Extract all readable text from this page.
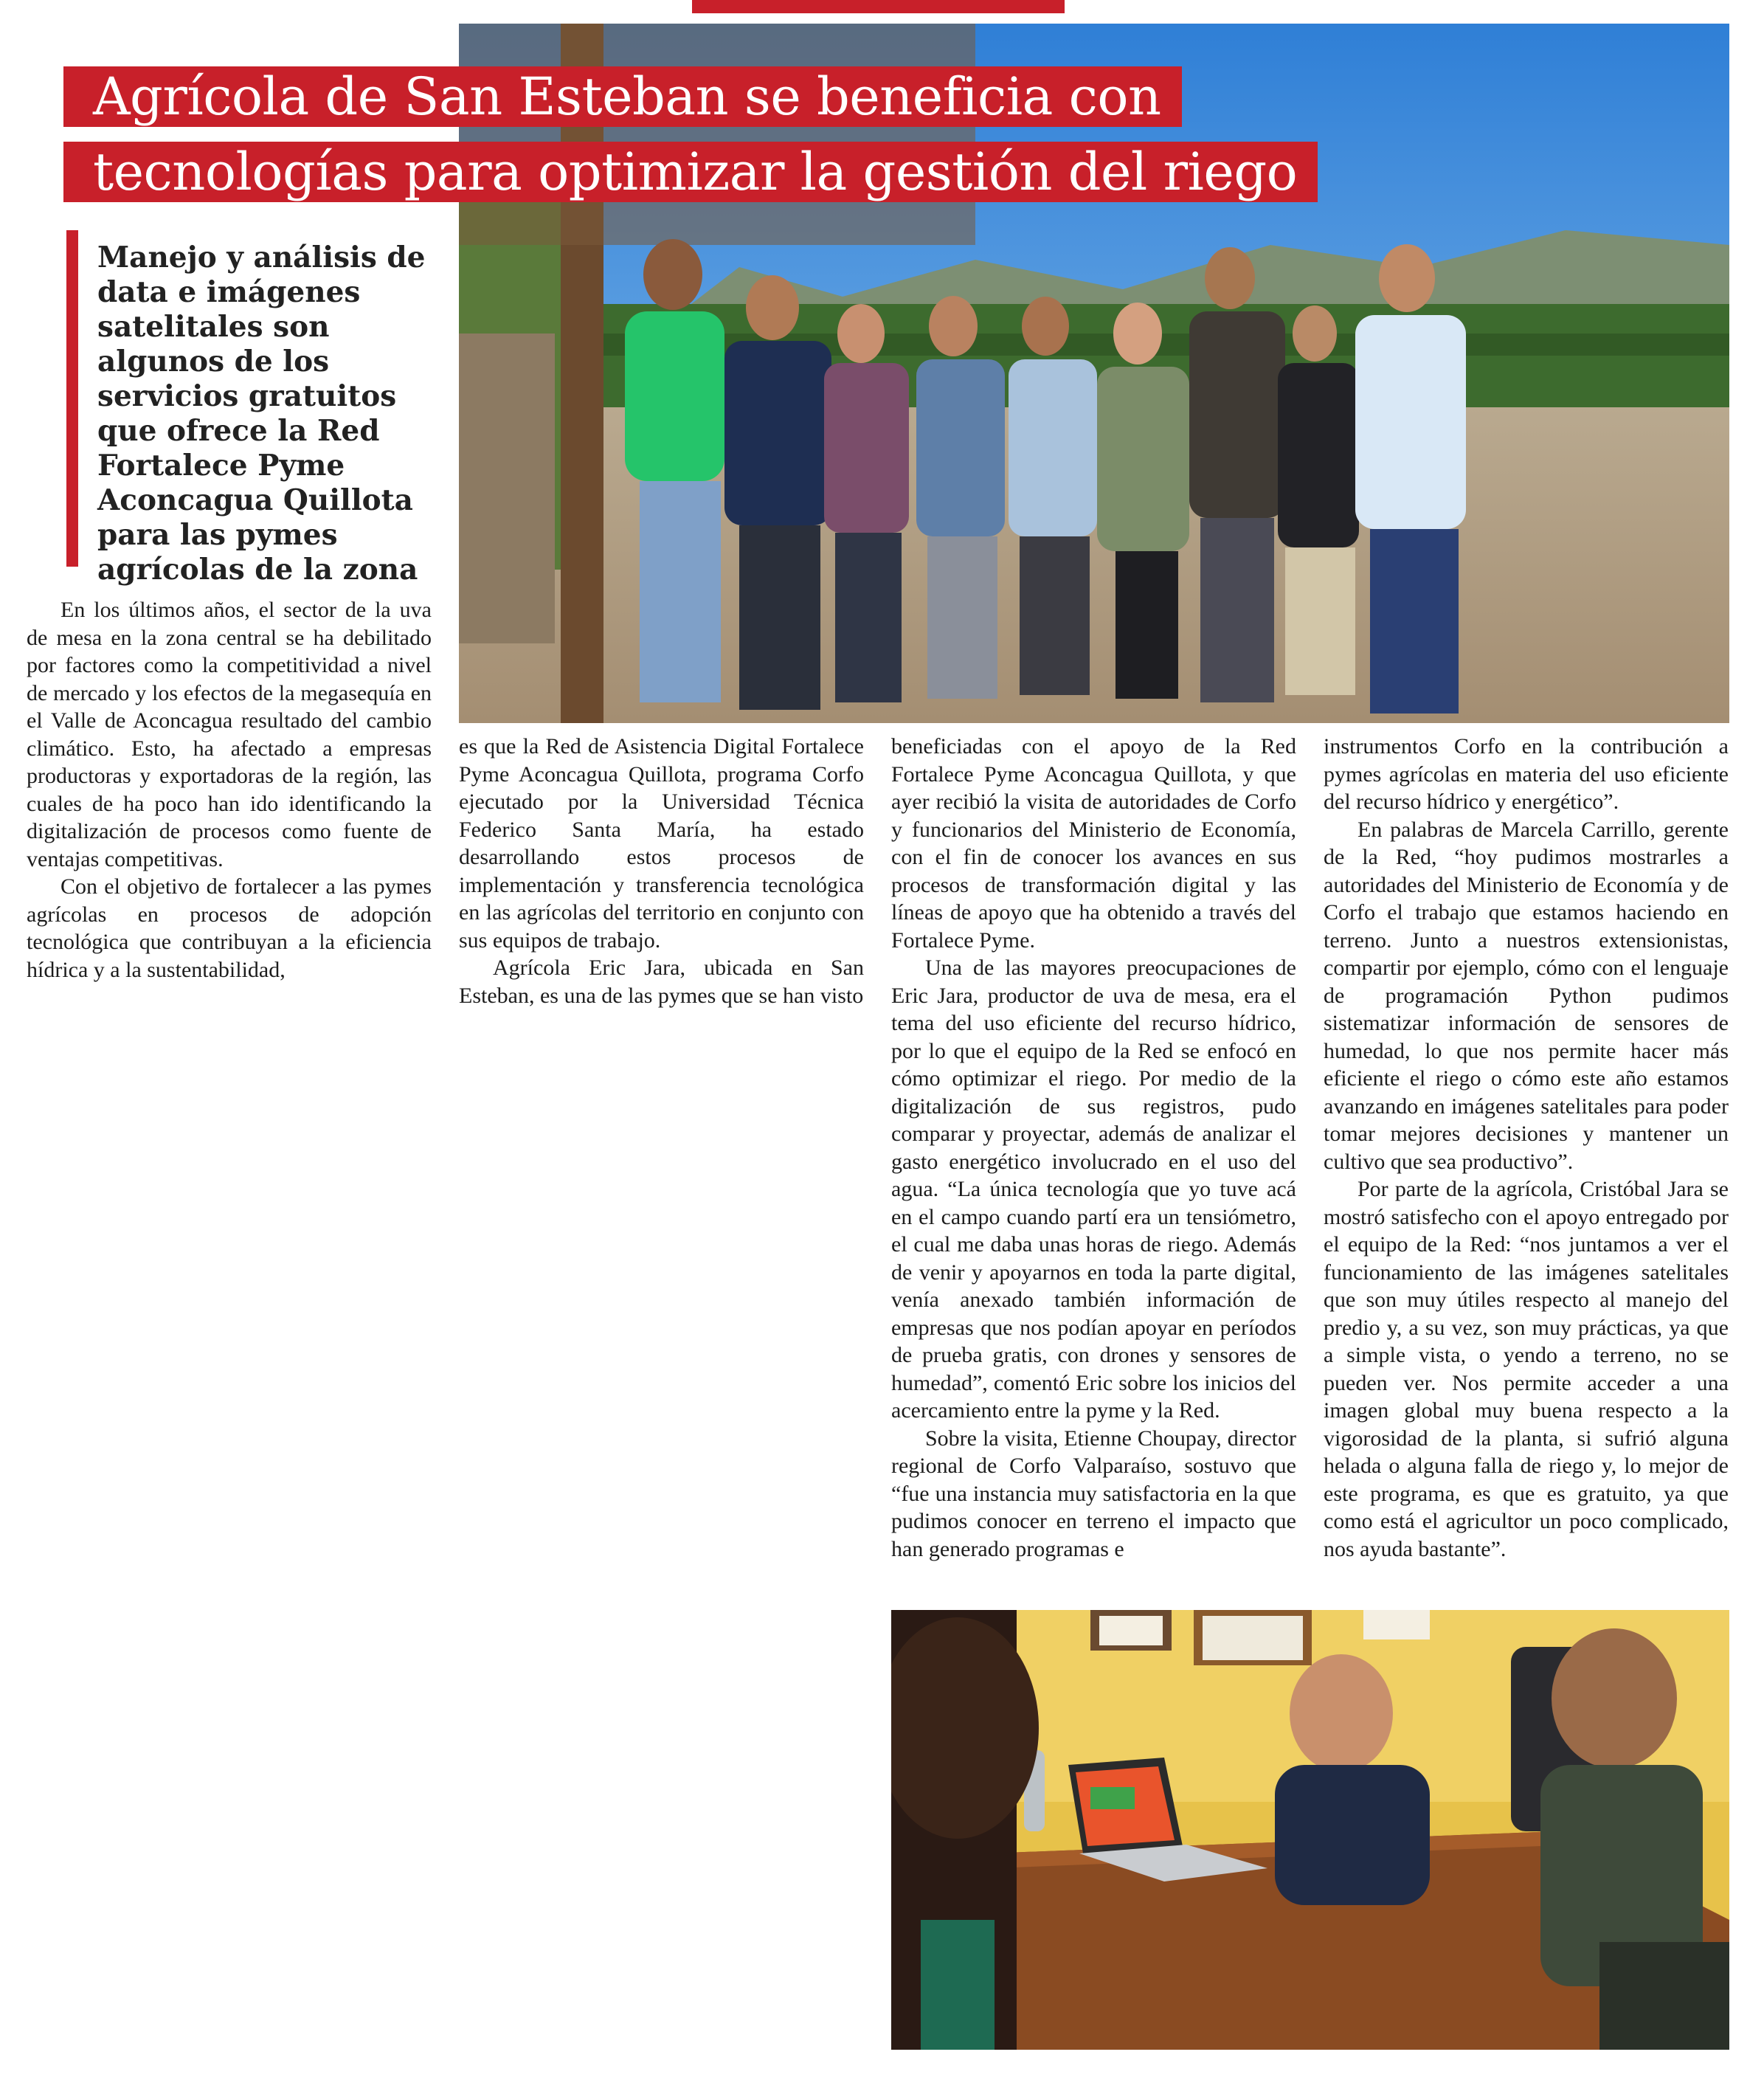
Agrícola de San Esteban se beneficia con
tecnologías para optimizar la gestión del riego
Manejo y análisis de data e imágenes satelitales son algunos de los servicios gratuitos que ofrece la Red Fortalece Pyme Aconcagua Quillota para las pymes agrícolas de la zona

En los últimos años, el sector de la uva de mesa en la zona central se ha debilitado por factores como la competitividad a nivel de mercado y los efectos de la megasequía en el Valle de Aconcagua resultado del cambio climático. Esto, ha afectado a empresas productoras y exportadoras de la región, las cuales de ha poco han ido identificando la digitalización de procesos como fuente de ventajas competitivas.

Con el objetivo de fortalecer a las pymes agrícolas en procesos de adopción tecnológica que contribuyan a la eficiencia hídrica y a la sustentabilidad,

es que la Red de Asistencia Digital Fortalece Pyme Aconcagua Quillota, programa Corfo ejecutado por la Universidad Técnica Federico Santa María, ha estado desarrollando estos procesos de implementación y transferencia tecnológica en las agrícolas del territorio en conjunto con sus equipos de trabajo.

Agrícola Eric Jara, ubicada en San Esteban, es una de las pymes que se han visto

beneficiadas con el apoyo de la Red Fortalece Pyme Aconcagua Quillota, y que ayer recibió la visita de autoridades de Corfo y funcionarios del Ministerio de Economía, con el fin de conocer los avances en sus procesos de transformación digital y las líneas de apoyo que ha obtenido a través del Fortalece Pyme.

Una de las mayores preocupaciones de Eric Jara, productor de uva de mesa, era el tema del uso eficiente del recurso hídrico, por lo que el equipo de la Red se enfocó en cómo optimizar el riego. Por medio de la digitalización de sus registros, pudo comparar y proyectar, además de analizar el gasto energético involucrado en el uso del agua. “La única tecnología que yo tuve acá en el campo cuando partí era un tensiómetro, el cual me daba unas horas de riego. Además de venir y apoyarnos en toda la parte digital, venía anexado también información de empresas que nos podían apoyar en períodos de prueba gratis, con drones y sensores de humedad”, comentó Eric sobre los inicios del acercamiento entre la pyme y la Red.

Sobre la visita, Etienne Choupay, director regional de Corfo Valparaíso, sostuvo que “fue una instancia muy satisfactoria en la que pudimos conocer en terreno el impacto que han generado programas e

instrumentos Corfo en la contribución a pymes agrícolas en materia del uso eficiente del recurso hídrico y energético”.

En palabras de Marcela Carrillo, gerente de la Red, “hoy pudimos mostrarles a autoridades del Ministerio de Economía y de Corfo el trabajo que estamos haciendo en terreno. Junto a nuestros extensionistas, compartir por ejemplo, cómo con el lenguaje de programación Python pudimos sistematizar información de sensores de humedad, lo que nos permite hacer más eficiente el riego o cómo este año estamos avanzando en imágenes satelitales para poder tomar mejores decisiones y mantener un cultivo que sea productivo”.

Por parte de la agrícola, Cristóbal Jara se mostró satisfecho con el apoyo entregado por el equipo de la Red: “nos juntamos a ver el funcionamiento de las imágenes satelitales que son muy útiles respecto al manejo del predio y, a su vez, son muy prácticas, ya que a simple vista, o yendo a terreno, no se pueden ver. Nos permite acceder a una imagen global muy buena respecto a la vigorosidad de la planta, si sufrió alguna helada o alguna falla de riego y, lo mejor de este programa, es que es gratuito, ya que como está el agricultor un poco complicado, nos ayuda bastante”.
